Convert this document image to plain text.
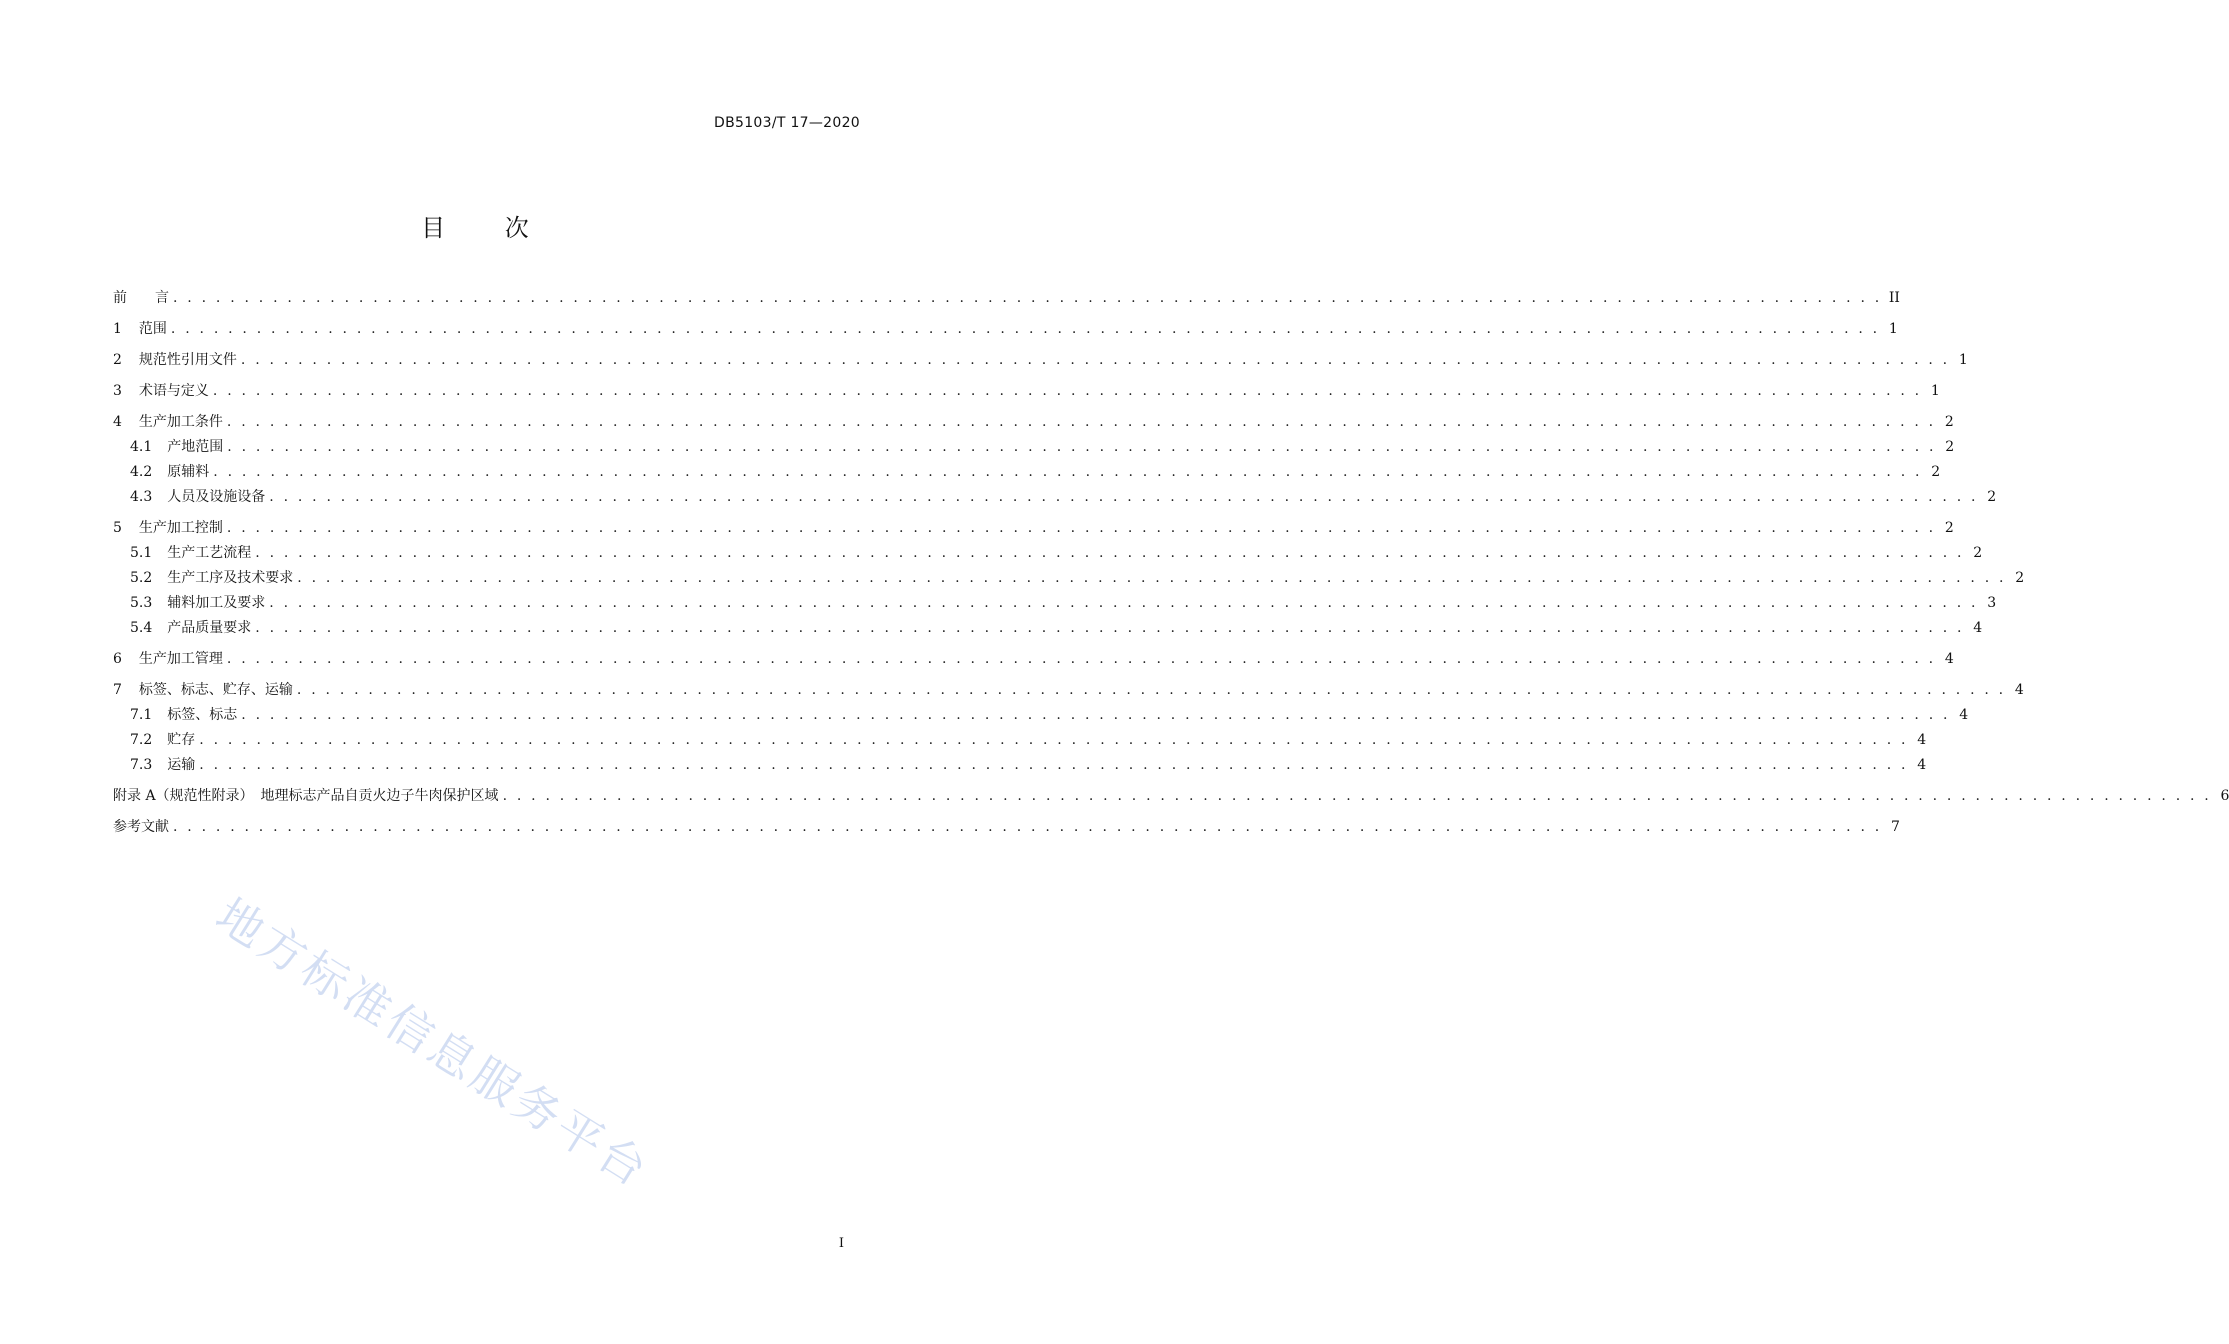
DB5103/T 17—2020
目 次
前　　言 . . . . . . . . . . . . . . . . . . . . . . . . . . . . . . . . . . . . . . . . . . . . . . . . . . . . . . . . . . . . . . . . . . . . . . . . . . . . . . . . . . . . . . . . . . . . . . . . . . . . . . . . . . . . . . . . . . . . . . . . II
1 范围 . . . . . . . . . . . . . . . . . . . . . . . . . . . . . . . . . . . . . . . . . . . . . . . . . . . . . . . . . . . . . . . . . . . . . . . . . . . . . . . . . . . . . . . . . . . . . . . . . . . . . . . . . . . . . . . . . . . . . . . . 1
2 规范性引用文件 . . . . . . . . . . . . . . . . . . . . . . . . . . . . . . . . . . . . . . . . . . . . . . . . . . . . . . . . . . . . . . . . . . . . . . . . . . . . . . . . . . . . . . . . . . . . . . . . . . . . . . . . . . . . . . . . . . . . . . . . 1
3 术语与定义 . . . . . . . . . . . . . . . . . . . . . . . . . . . . . . . . . . . . . . . . . . . . . . . . . . . . . . . . . . . . . . . . . . . . . . . . . . . . . . . . . . . . . . . . . . . . . . . . . . . . . . . . . . . . . . . . . . . . . . . . 1
4 生产加工条件 . . . . . . . . . . . . . . . . . . . . . . . . . . . . . . . . . . . . . . . . . . . . . . . . . . . . . . . . . . . . . . . . . . . . . . . . . . . . . . . . . . . . . . . . . . . . . . . . . . . . . . . . . . . . . . . . . . . . . . . . 2
4.1 产地范围 . . . . . . . . . . . . . . . . . . . . . . . . . . . . . . . . . . . . . . . . . . . . . . . . . . . . . . . . . . . . . . . . . . . . . . . . . . . . . . . . . . . . . . . . . . . . . . . . . . . . . . . . . . . . . . . . . . . . . . . . 2
4.2 原辅料 . . . . . . . . . . . . . . . . . . . . . . . . . . . . . . . . . . . . . . . . . . . . . . . . . . . . . . . . . . . . . . . . . . . . . . . . . . . . . . . . . . . . . . . . . . . . . . . . . . . . . . . . . . . . . . . . . . . . . . . . 2
4.3 人员及设施设备 . . . . . . . . . . . . . . . . . . . . . . . . . . . . . . . . . . . . . . . . . . . . . . . . . . . . . . . . . . . . . . . . . . . . . . . . . . . . . . . . . . . . . . . . . . . . . . . . . . . . . . . . . . . . . . . . . . . . . . . . 2
5 生产加工控制 . . . . . . . . . . . . . . . . . . . . . . . . . . . . . . . . . . . . . . . . . . . . . . . . . . . . . . . . . . . . . . . . . . . . . . . . . . . . . . . . . . . . . . . . . . . . . . . . . . . . . . . . . . . . . . . . . . . . . . . . 2
5.1 生产工艺流程 . . . . . . . . . . . . . . . . . . . . . . . . . . . . . . . . . . . . . . . . . . . . . . . . . . . . . . . . . . . . . . . . . . . . . . . . . . . . . . . . . . . . . . . . . . . . . . . . . . . . . . . . . . . . . . . . . . . . . . . . 2
5.2 生产工序及技术要求 . . . . . . . . . . . . . . . . . . . . . . . . . . . . . . . . . . . . . . . . . . . . . . . . . . . . . . . . . . . . . . . . . . . . . . . . . . . . . . . . . . . . . . . . . . . . . . . . . . . . . . . . . . . . . . . . . . . . . . . . 2
5.3 辅料加工及要求 . . . . . . . . . . . . . . . . . . . . . . . . . . . . . . . . . . . . . . . . . . . . . . . . . . . . . . . . . . . . . . . . . . . . . . . . . . . . . . . . . . . . . . . . . . . . . . . . . . . . . . . . . . . . . . . . . . . . . . . . 3
5.4 产品质量要求 . . . . . . . . . . . . . . . . . . . . . . . . . . . . . . . . . . . . . . . . . . . . . . . . . . . . . . . . . . . . . . . . . . . . . . . . . . . . . . . . . . . . . . . . . . . . . . . . . . . . . . . . . . . . . . . . . . . . . . . . 4
6 生产加工管理 . . . . . . . . . . . . . . . . . . . . . . . . . . . . . . . . . . . . . . . . . . . . . . . . . . . . . . . . . . . . . . . . . . . . . . . . . . . . . . . . . . . . . . . . . . . . . . . . . . . . . . . . . . . . . . . . . . . . . . . . 4
7 标签、标志、贮存、运输 . . . . . . . . . . . . . . . . . . . . . . . . . . . . . . . . . . . . . . . . . . . . . . . . . . . . . . . . . . . . . . . . . . . . . . . . . . . . . . . . . . . . . . . . . . . . . . . . . . . . . . . . . . . . . . . . . . . . . . . . 4
7.1 标签、标志 . . . . . . . . . . . . . . . . . . . . . . . . . . . . . . . . . . . . . . . . . . . . . . . . . . . . . . . . . . . . . . . . . . . . . . . . . . . . . . . . . . . . . . . . . . . . . . . . . . . . . . . . . . . . . . . . . . . . . . . . 4
7.2 贮存 . . . . . . . . . . . . . . . . . . . . . . . . . . . . . . . . . . . . . . . . . . . . . . . . . . . . . . . . . . . . . . . . . . . . . . . . . . . . . . . . . . . . . . . . . . . . . . . . . . . . . . . . . . . . . . . . . . . . . . . . 4
7.3 运输 . . . . . . . . . . . . . . . . . . . . . . . . . . . . . . . . . . . . . . . . . . . . . . . . . . . . . . . . . . . . . . . . . . . . . . . . . . . . . . . . . . . . . . . . . . . . . . . . . . . . . . . . . . . . . . . . . . . . . . . . 4
附录 A（规范性附录）　地理标志产品自贡火边子牛肉保护区域 . . . . . . . . . . . . . . . . . . . . . . . . . . . . . . . . . . . . . . . . . . . . . . . . . . . . . . . . . . . . . . . . . . . . . . . . . . . . . . . . . . . . . . . . . . . . . . . . . . . . . . . . . . . . . . . . . . . . . . . . 6
参考文献 . . . . . . . . . . . . . . . . . . . . . . . . . . . . . . . . . . . . . . . . . . . . . . . . . . . . . . . . . . . . . . . . . . . . . . . . . . . . . . . . . . . . . . . . . . . . . . . . . . . . . . . . . . . . . . . . . . . . . . . . 7
地方标准信息服务平台
I
